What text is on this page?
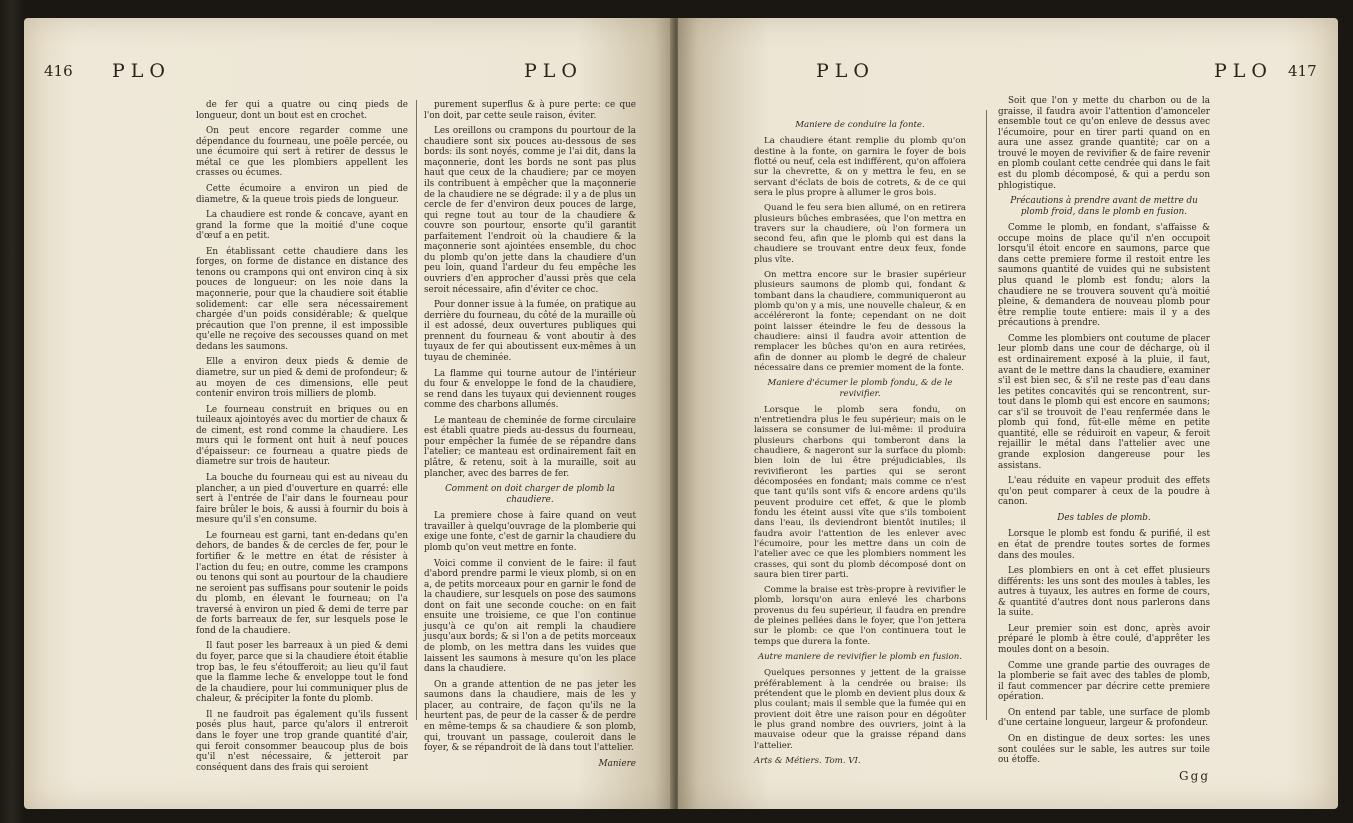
416 PLO	PLO

de fer qui a quatre ou cinq pieds de longueur, dont un bout est en crochet.

On peut encore regarder comme une dépendance du fourneau, une poële percée, ou une écumoire qui sert à retirer de dessus le métal ce que les plombiers appellent les crasses ou écumes.

Cette écumoire a environ un pied de diametre, & la queue trois pieds de longueur.

La chaudiere est ronde & concave, ayant en grand la forme que la moitié d'une coque d'œuf a en petit.

En établissant cette chaudiere dans les forges, on forme de distance en distance des tenons ou crampons qui ont environ cinq à six pouces de longueur: on les noie dans la maçonnerie, pour que la chaudiere soit établie solidement: car elle sera nécessairement chargée d'un poids considérable; & quelque précaution que l'on prenne, il est impossible qu'elle ne reçoive des secousses quand on met dedans les saumons.

Elle a environ deux pieds & demie de diametre, sur un pied & demi de profondeur; & au moyen de ces dimensions, elle peut contenir environ trois milliers de plomb.

Le fourneau construit en briques ou en tuileaux ajointoyés avec du mortier de chaux & de ciment, est rond comme la chaudiere. Les murs qui le forment ont huit à neuf pouces d'épaisseur: ce fourneau a quatre pieds de diametre sur trois de hauteur.

La bouche du fourneau qui est au niveau du plancher, a un pied d'ouverture en quarré: elle sert à l'entrée de l'air dans le fourneau pour faire brûler le bois, & aussi à fournir du bois à mesure qu'il s'en consume.

Le fourneau est garni, tant en-dedans qu'en dehors, de bandes & de cercles de fer, pour le fortifier & le mettre en état de résister à l'action du feu; en outre, comme les crampons ou tenons qui sont au pourtour de la chaudiere ne seroient pas suffisans pour soutenir le poids du plomb, en élevant le fourneau; on l'a traversé à environ un pied & demi de terre par de forts barreaux de fer, sur lesquels pose le fond de la chaudiere.

Il faut poser les barreaux à un pied & demi du foyer, parce que si la chaudiere étoit établie trop bas, le feu s'étoufferoit; au lieu qu'il faut que la flamme leche & enveloppe tout le fond de la chaudiere, pour lui communiquer plus de chaleur, & précipiter la fonte du plomb.

Il ne faudroit pas également qu'ils fussent posés plus haut, parce qu'alors il entreroit dans le foyer une trop grande quantité d'air, qui feroit consommer beaucoup plus de bois qu'il n'est nécessaire, & jetteroit par conséquent dans des frais qui seroient

purement superflus & à pure perte: ce que l'on doit, par cette seule raison, éviter.

Les oreillons ou crampons du pourtour de la chaudiere sont six pouces au-dessous de ses bords: ils sont noyés, comme je l'ai dit, dans la maçonnerie, dont les bords ne sont pas plus haut que ceux de la chaudiere; par ce moyen ils contribuent à empêcher que la maçonnerie de la chaudiere ne se dégrade: il y a de plus un cercle de fer d'environ deux pouces de large, qui regne tout au tour de la chaudiere & couvre son pourtour, ensorte qu'il garantit parfaitement l'endroit où la chaudiere & la maçonnerie sont ajointées ensemble, du choc du plomb qu'on jette dans la chaudiere d'un peu loin, quand l'ardeur du feu empêche les ouvriers d'en approcher d'aussi près que cela seroit nécessaire, afin d'éviter ce choc.

Pour donner issue à la fumée, on pratique au derrière du fourneau, du côté de la muraille où il est adossé, deux ouvertures publiques qui prennent du fourneau & vont aboutir à des tuyaux de fer qui aboutissent eux-mêmes à un tuyau de cheminée.

La flamme qui tourne autour de l'intérieur du four & enveloppe le fond de la chaudiere, se rend dans les tuyaux qui deviennent rouges comme des charbons allumés.

Le manteau de cheminée de forme circulaire est établi quatre pieds au-dessus du fourneau, pour empêcher la fumée de se répandre dans l'atelier; ce manteau est ordinairement fait en plâtre, & retenu, soit à la muraille, soit au plancher, avec des barres de fer.

Comment on doit charger de plomb la chaudiere.

La premiere chose à faire quand on veut travailler à quelqu'ouvrage de la plomberie qui exige une fonte, c'est de garnir la chaudiere du plomb qu'on veut mettre en fonte.

Voici comme il convient de le faire: il faut d'abord prendre parmi le vieux plomb, si on en a, de petits morceaux pour en garnir le fond de la chaudiere, sur lesquels on pose des saumons dont on fait une seconde couche: on en fait ensuite une troisieme, ce que l'on continue jusqu'à ce qu'on ait rempli la chaudiere jusqu'aux bords; & si l'on a de petits morceaux de plomb, on les mettra dans les vuides que laissent les saumons à mesure qu'on les place dans la chaudiere.

On a grande attention de ne pas jeter les saumons dans la chaudiere, mais de les y placer, au contraire, de façon qu'ils ne la heurtent pas, de peur de la casser & de perdre en même-temps & sa chaudiere & son plomb, qui, trouvant un passage, couleroit dans le foyer, & se répandroit de là dans tout l'attelier.

Maniere

PLO	PLO 417

Maniere de conduire la fonte.

La chaudiere étant remplie du plomb qu'on destine à la fonte, on garnira le foyer de bois flotté ou neuf, cela est indifférent, qu'on affoiera sur la chevrette, & on y mettra le feu, en se servant d'éclats de bois de cotrets, & de ce qui sera le plus propre à allumer le gros bois.

Quand le feu sera bien allumé, on en retirera plusieurs bûches embrasées, que l'on mettra en travers sur la chaudiere, où l'on formera un second feu, afin que le plomb qui est dans la chaudiere se trouvant entre deux feux, fonde plus vîte.

On mettra encore sur le brasier supérieur plusieurs saumons de plomb qui, fondant & tombant dans la chaudiere, communiqueront au plomb qu'on y a mis, une nouvelle chaleur, & en accéléreront la fonte; cependant on ne doit point laisser éteindre le feu de dessous la chaudiere: ainsi il faudra avoir attention de remplacer les bûches qu'on en aura retirées, afin de donner au plomb le degré de chaleur nécessaire dans ce premier moment de la fonte.

Maniere d'écumer le plomb fondu, & de le revivifier.

Lorsque le plomb sera fondu, on n'entretiendra plus le feu supérieur; mais on le laissera se consumer de lui-même: il produira plusieurs charbons qui tomberont dans la chaudiere, & nageront sur la surface du plomb: bien loin de lui être préjudiciables, ils revivifieront les parties qui se seront décomposées en fondant; mais comme ce n'est que tant qu'ils sont vifs & encore ardens qu'ils peuvent produire cet effet, & que le plomb fondu les éteint aussi vîte que s'ils tomboient dans l'eau, ils deviendront bientôt inutiles; il faudra avoir l'attention de les enlever avec l'écumoire, pour les mettre dans un coin de l'atelier avec ce que les plombiers nomment les crasses, qui sont du plomb décomposé dont on saura bien tirer parti.

Comme la braise est très-propre à revivifier le plomb, lorsqu'on aura enlevé les charbons provenus du feu supérieur, il faudra en prendre de pleines pellées dans le foyer, que l'on jettera sur le plomb: ce que l'on continuera tout le temps que durera la fonte.

Autre maniere de revivifier le plomb en fusion.

Quelques personnes y jettent de la graisse préférablement à la cendrée ou braise: ils prétendent que le plomb en devient plus doux & plus coulant; mais il semble que la fumée qui en provient doit être une raison pour en dégoûter le plus grand nombre des ouvriers, joint à la mauvaise odeur que la graisse répand dans l'attelier.

Arts & Métiers. Tom. VI.

Soit que l'on y mette du charbon ou de la graisse, il faudra avoir l'attention d'amonceler ensemble tout ce qu'on enleve de dessus avec l'écumoire, pour en tirer parti quand on en aura une assez grande quantité; car on a trouvé le moyen de revivifier & de faire revenir en plomb coulant cette cendrée qui dans le fait est du plomb décomposé, & qui a perdu son phlogistique.

Précautions à prendre avant de mettre du plomb froid, dans le plomb en fusion.

Comme le plomb, en fondant, s'affaisse & occupe moins de place qu'il n'en occupoit lorsqu'il étoit encore en saumons, parce que dans cette premiere forme il restoit entre les saumons quantité de vuides qui ne subsistent plus quand le plomb est fondu; alors la chaudiere ne se trouvera souvent qu'à moitié pleine, & demandera de nouveau plomb pour être remplie toute entiere: mais il y a des précautions à prendre.

Comme les plombiers ont coutume de placer leur plomb dans une cour de décharge, où il est ordinairement exposé à la pluie, il faut, avant de le mettre dans la chaudiere, examiner s'il est bien sec, & s'il ne reste pas d'eau dans les petites concavités qui se rencontrent, sur-tout dans le plomb qui est encore en saumons; car s'il se trouvoit de l'eau renfermée dans le plomb qui fond, fût-elle même en petite quantité, elle se réduiroit en vapeur, & feroit rejaillir le métal dans l'attelier avec une grande explosion dangereuse pour les assistans.

L'eau réduite en vapeur produit des effets qu'on peut comparer à ceux de la poudre à canon.

Des tables de plomb.

Lorsque le plomb est fondu & purifié, il est en état de prendre toutes sortes de formes dans des moules.

Les plombiers en ont à cet effet plusieurs différents: les uns sont des moules à tables, les autres à tuyaux, les autres en forme de cours, & quantité d'autres dont nous parlerons dans la suite.

Leur premier soin est donc, après avoir préparé le plomb à être coulé, d'apprêter les moules dont on a besoin.

Comme une grande partie des ouvrages de la plomberie se fait avec des tables de plomb, il faut commencer par décrire cette premiere opération.

On entend par table, une surface de plomb d'une certaine longueur, largeur & profondeur.

On en distingue de deux sortes: les unes sont coulées sur le sable, les autres sur toile ou étoffe.

Ggg
